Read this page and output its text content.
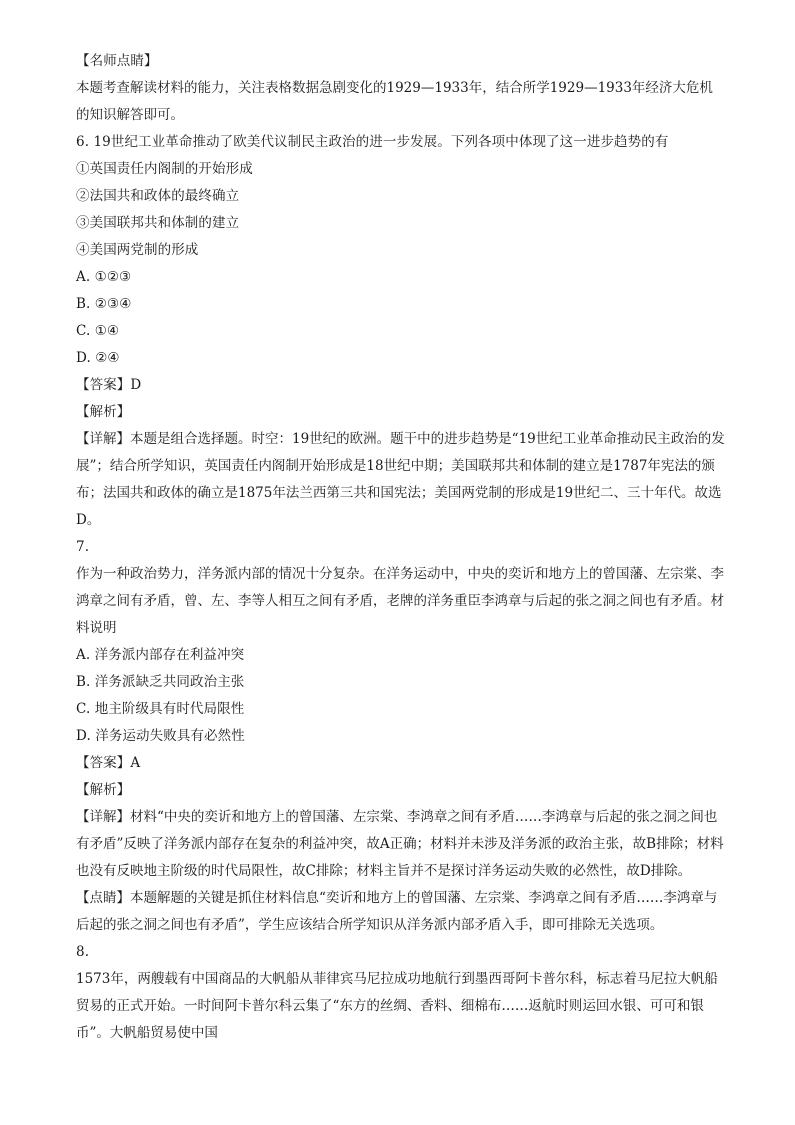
【名师点睛】
本题考查解读材料的能力，关注表格数据急剧变化的1929—1933年，结合所学1929—1933年经济大危机的知识解答即可。
6. 19世纪工业革命推动了欧美代议制民主政治的进一步发展。下列各项中体现了这一进步趋势的有
①英国责任内阁制的开始形成
②法国共和政体的最终确立
③美国联邦共和体制的建立
④美国两党制的形成
A. ①②③
B. ②③④
C. ①④
D. ②④
【答案】D
【解析】
【详解】本题是组合选择题。时空：19世纪的欧洲。题干中的进步趋势是“19世纪工业革命推动民主政治的发展”；结合所学知识，英国责任内阁制开始形成是18世纪中期；美国联邦共和体制的建立是1787年宪法的颁布；法国共和政体的确立是1875年法兰西第三共和国宪法；美国两党制的形成是19世纪二、三十年代。故选D。
7.
作为一种政治势力，洋务派内部的情况十分复杂。在洋务运动中，中央的奕䜣和地方上的曾国藩、左宗棠、李鸿章之间有矛盾，曾、左、李等人相互之间有矛盾，老牌的洋务重臣李鸿章与后起的张之洞之间也有矛盾。材料说明
A. 洋务派内部存在利益冲突
B. 洋务派缺乏共同政治主张
C. 地主阶级具有时代局限性
D. 洋务运动失败具有必然性
【答案】A
【解析】
【详解】材料“中央的奕䜣和地方上的曾国藩、左宗棠、李鸿章之间有矛盾……李鸿章与后起的张之洞之间也有矛盾”反映了洋务派内部存在复杂的利益冲突，故A正确；材料并未涉及洋务派的政治主张，故B排除；材料也没有反映地主阶级的时代局限性，故C排除；材料主旨并不是探讨洋务运动失败的必然性，故D排除。
【点睛】本题解题的关键是抓住材料信息“奕䜣和地方上的曾国藩、左宗棠、李鸿章之间有矛盾……李鸿章与后起的张之洞之间也有矛盾”，学生应该结合所学知识从洋务派内部矛盾入手，即可排除无关选项。
8.
1573年，两艘载有中国商品的大帆船从菲律宾马尼拉成功地航行到墨西哥阿卡普尔科，标志着马尼拉大帆船贸易的正式开始。一时间阿卡普尔科云集了“东方的丝绸、香料、细棉布……返航时则运回水银、可可和银币”。大帆船贸易使中国
